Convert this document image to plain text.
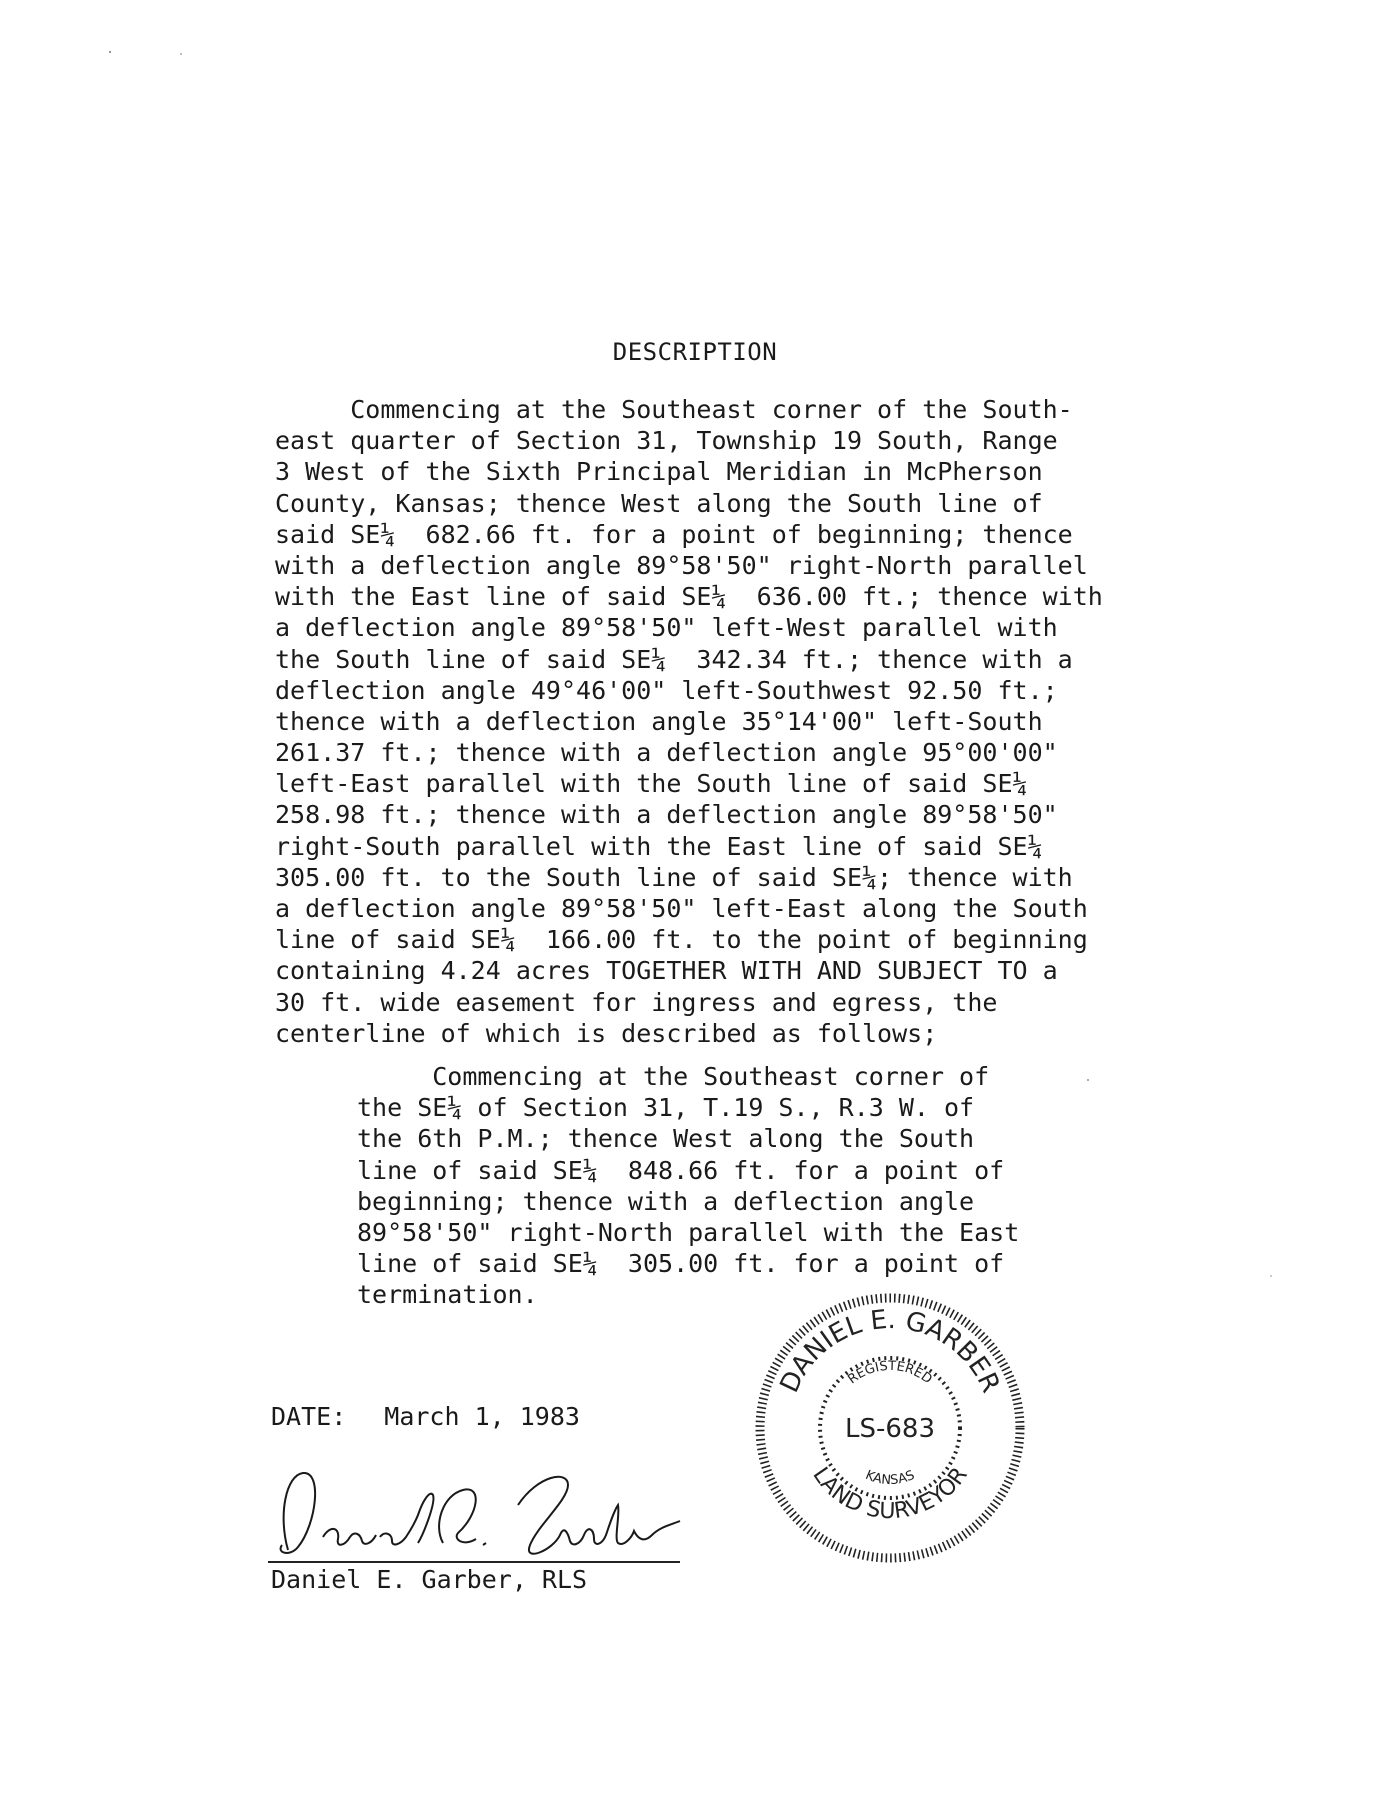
DESCRIPTION
Commencing at the Southeast corner of the South-
east quarter of Section 31, Township 19 South, Range
3 West of the Sixth Principal Meridian in McPherson
County, Kansas; thence West along the South line of
said SE¼  682.66 ft. for a point of beginning; thence
with a deflection angle 89°58'50" right-North parallel
with the East line of said SE¼  636.00 ft.; thence with
a deflection angle 89°58'50" left-West parallel with
the South line of said SE¼  342.34 ft.; thence with a
deflection angle 49°46'00" left-Southwest 92.50 ft.;
thence with a deflection angle 35°14'00" left-South
261.37 ft.; thence with a deflection angle 95°00'00"
left-East parallel with the South line of said SE¼
258.98 ft.; thence with a deflection angle 89°58'50"
right-South parallel with the East line of said SE¼
305.00 ft. to the South line of said SE¼; thence with
a deflection angle 89°58'50" left-East along the South
line of said SE¼  166.00 ft. to the point of beginning
containing 4.24 acres TOGETHER WITH AND SUBJECT TO a
30 ft. wide easement for ingress and egress, the
centerline of which is described as follows;
Commencing at the Southeast corner of
the SE¼ of Section 31, T.19 S., R.3 W. of
the 6th P.M.; thence West along the South
line of said SE¼  848.66 ft. for a point of
beginning; thence with a deflection angle
89°58'50" right-North parallel with the East
line of said SE¼  305.00 ft. for a point of
termination.
DATE: March 1, 1983
Daniel E. Garber, RLS
DANIEL E. GARBER
LAND SURVEYOR
REGISTERED
KANSAS
LS-683
